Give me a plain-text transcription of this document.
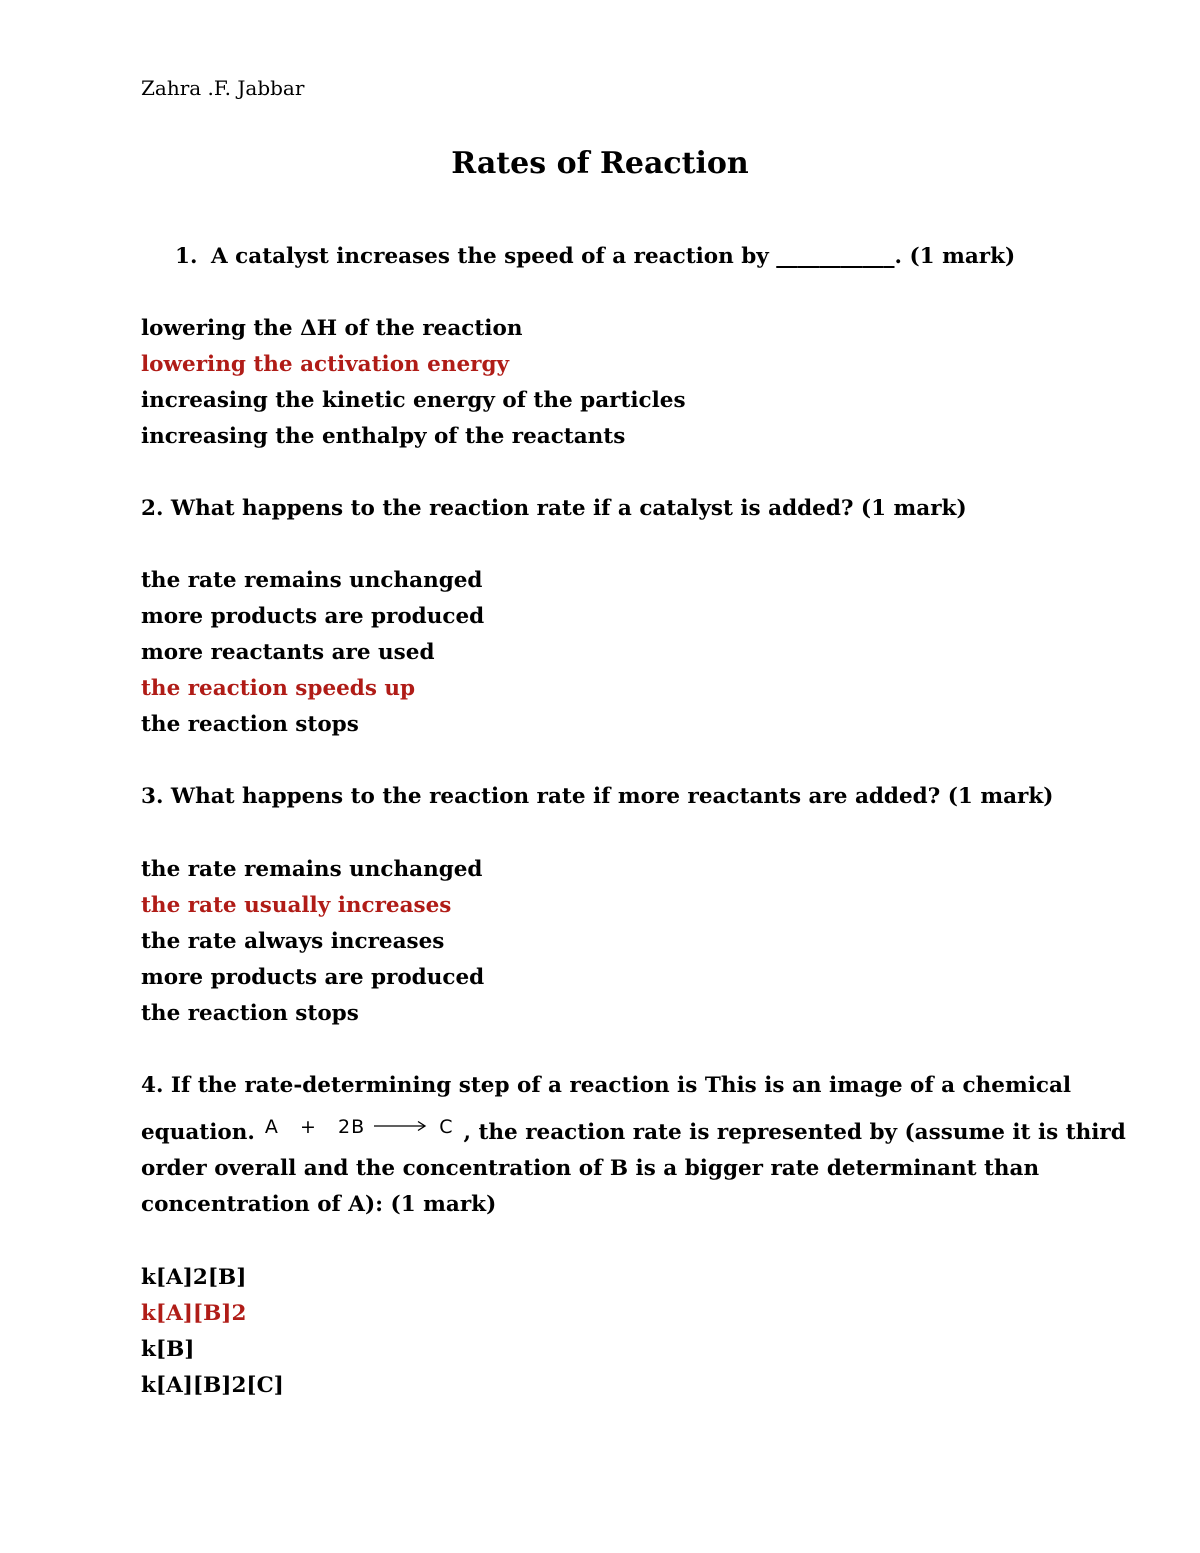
Zahra .F. Jabbar
Rates of Reaction
1. A catalyst increases the speed of a reaction by ___________. (1 mark)
lowering the ΔH of the reaction
lowering the activation energy
increasing the kinetic energy of the particles
increasing the enthalpy of the reactants
2. What happens to the reaction rate if a catalyst is added? (1 mark)
the rate remains unchanged
more products are produced
more reactants are used
the reaction speeds up
the reaction stops
3. What happens to the reaction rate if more reactants are added? (1 mark)
the rate remains unchanged
the rate usually increases
the rate always increases
more products are produced
the reaction stops
4. If the rate-determining step of a reaction is This is an image of a chemical
equation. A + 2B	C , the reaction rate is represented by (assume it is third
order overall and the concentration of B is a bigger rate determinant than
concentration of A): (1 mark)
k[A]2[B]
k[A][B]2
k[B]
k[A][B]2[C]
